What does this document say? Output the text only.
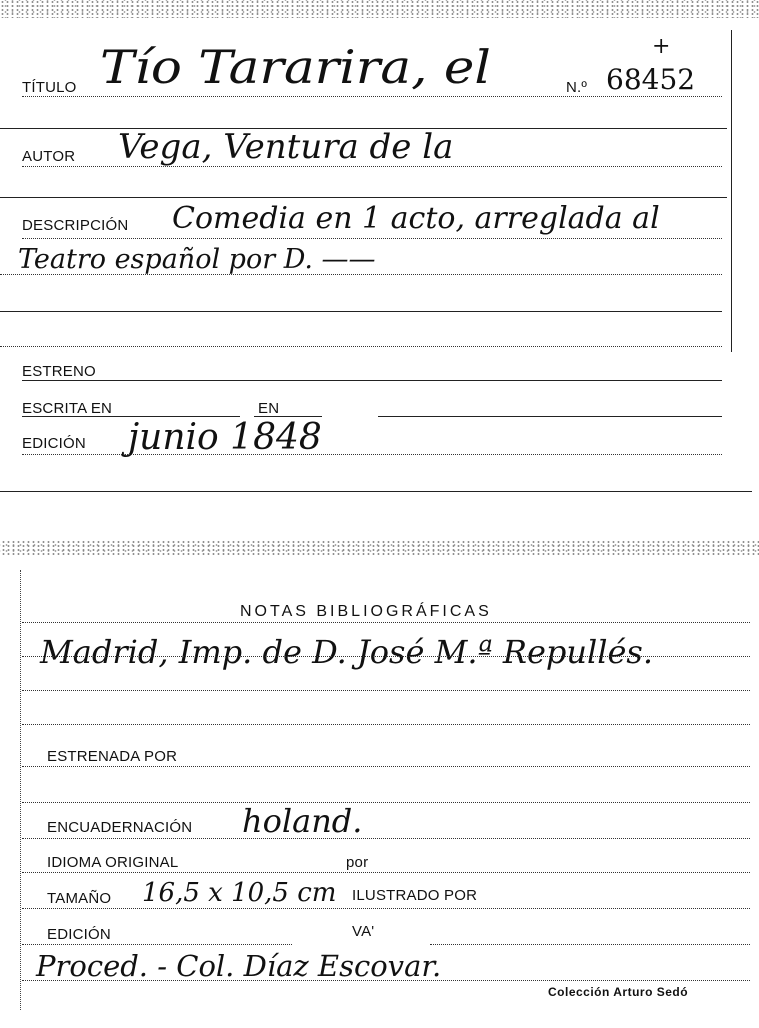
TÍTULO Tío Tararira, el	N.º 68452
+
AUTOR Vega, Ventura de la
DESCRIPCIÓN Comedia en 1 acto, arreglada al
Teatro español por D. ——
ESTRENO
ESCRITA EN	EN
EDICIÓN junio 1848
NOTAS BIBLIOGRÁFICAS
Madrid, Imp. de D. José M.ª Repullés.
ESTRENADA POR
ENCUADERNACIÓN holand.
IDIOMA ORIGINAL	por
TAMAÑO 16,5 x 10,5 cm ILUSTRADO POR
EDICIÓN	VA'
Proced. - Col. Díaz Escovar.
Colección Arturo Sedó
